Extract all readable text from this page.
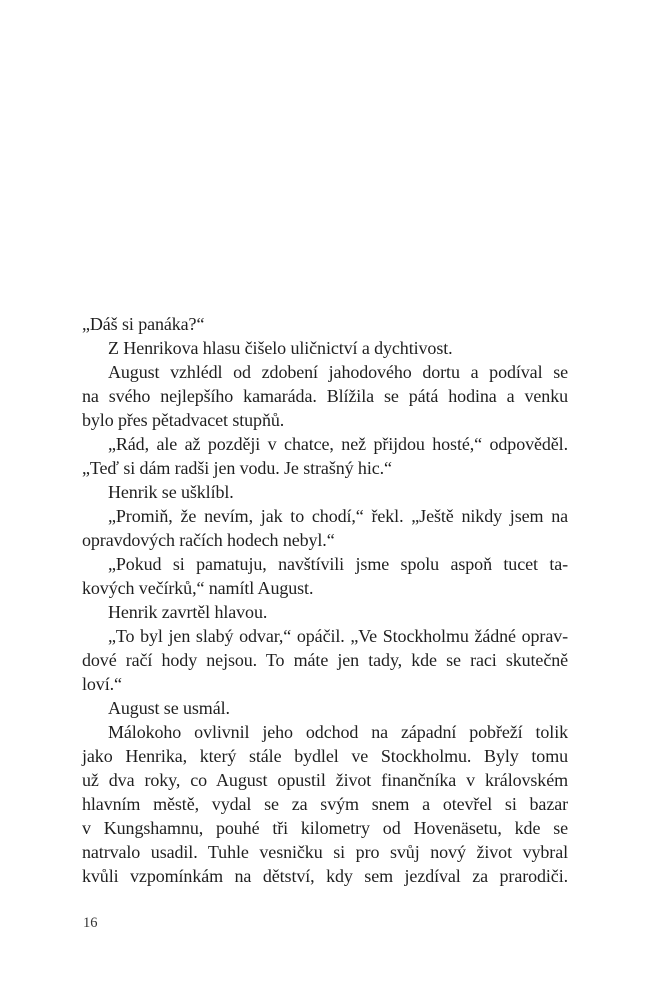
„Dáš si panáka?“
Z Henrikova hlasu čišelo uličnictví a dychtivost.
August vzhlédl od zdobení jahodového dortu a podíval se
na svého nejlepšího kamaráda. Blížila se pátá hodina a venku
bylo přes pětadvacet stupňů.
„Rád, ale až později v chatce, než přijdou hosté,“ odpověděl.
„Teď si dám radši jen vodu. Je strašný hic.“
Henrik se ušklíbl.
„Promiň, že nevím, jak to chodí,“ řekl. „Ještě nikdy jsem na
opravdových račích hodech nebyl.“
„Pokud si pamatuju, navštívili jsme spolu aspoň tucet ta-
kových večírků,“ namítl August.
Henrik zavrtěl hlavou.
„To byl jen slabý odvar,“ opáčil. „Ve Stockholmu žádné oprav-
dové račí hody nejsou. To máte jen tady, kde se raci skutečně
loví.“
August se usmál.
Málokoho ovlivnil jeho odchod na západní pobřeží tolik
jako Henrika, který stále bydlel ve Stockholmu. Byly tomu
už dva roky, co August opustil život finančníka v královském
hlavním městě, vydal se za svým snem a otevřel si bazar
v Kungshamnu, pouhé tři kilometry od Hovenäsetu, kde se
natrvalo usadil. Tuhle vesničku si pro svůj nový život vybral
kvůli vzpomínkám na dětství, kdy sem jezdíval za prarodiči.
16
